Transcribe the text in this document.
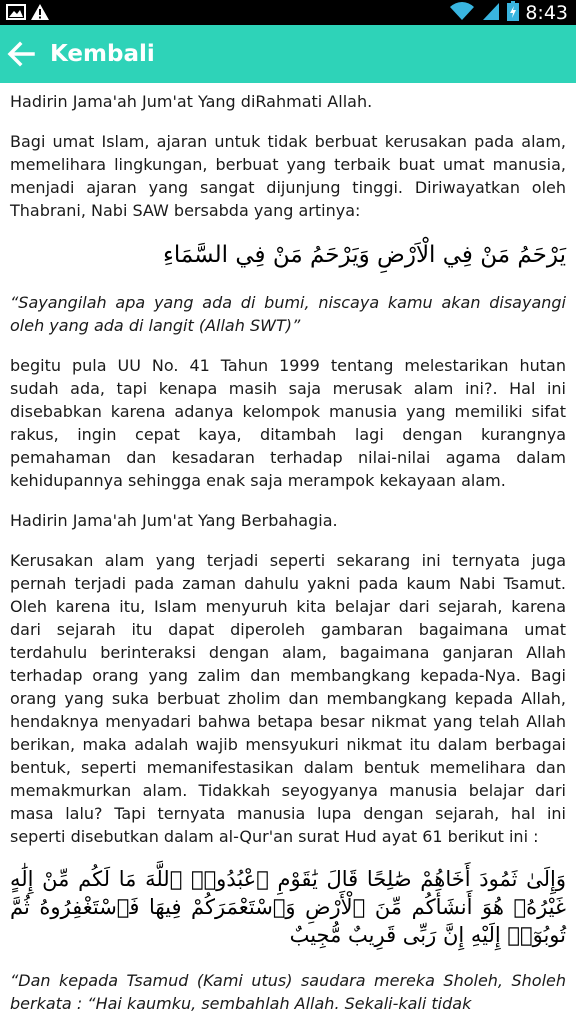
8:43
Kembali

Hadirin Jama'ah Jum'at Yang diRahmati Allah.

Bagi umat Islam, ajaran untuk tidak berbuat kerusakan pada alam, memelihara lingkungan, berbuat yang terbaik buat umat manusia, menjadi ajaran yang sangat dijunjung tinggi. Diriwayatkan oleh Thabrani, Nabi SAW bersabda yang artinya:

يَرْحَمُ مَنْ فِي الْاَرْضِ وَيَرْحَمُ مَنْ فِي السَّمَاءِ

“Sayangilah apa yang ada di bumi, niscaya kamu akan disayangi oleh yang ada di langit (Allah SWT)”

begitu pula UU No. 41 Tahun 1999 tentang melestarikan hutan sudah ada, tapi kenapa masih saja merusak alam ini?. Hal ini disebabkan karena adanya kelompok manusia yang memiliki sifat rakus, ingin cepat kaya, ditambah lagi dengan kurangnya pemahaman dan kesadaran terhadap nilai-nilai agama dalam kehidupannya sehingga enak saja merampok kekayaan alam.

Hadirin Jama'ah Jum'at Yang Berbahagia.

Kerusakan alam yang terjadi seperti sekarang ini ternyata juga pernah terjadi pada zaman dahulu yakni pada kaum Nabi Tsamut. Oleh karena itu, Islam menyuruh kita belajar dari sejarah, karena dari sejarah itu dapat diperoleh gambaran bagaimana umat terdahulu berinteraksi dengan alam, bagaimana ganjaran Allah terhadap orang yang zalim dan membangkang kepada-Nya. Bagi orang yang suka berbuat zholim dan membangkang kepada Allah, hendaknya menyadari bahwa betapa besar nikmat yang telah Allah berikan, maka adalah wajib mensyukuri nikmat itu dalam berbagai bentuk, seperti memanifestasikan dalam bentuk memelihara dan memakmurkan alam. Tidakkah seyogyanya manusia belajar dari masa lalu? Tapi ternyata manusia lupa dengan sejarah, hal ini seperti disebutkan dalam al-Qur'an surat Hud ayat 61 berikut ini :

وَإِلَىٰ ثَمُودَ أَخَاهُمْ صَٰلِحًا قَالَ يَٰقَوْمِ ٱعْبُدُوا۟ ٱللَّهَ مَا لَكُم مِّنْ إِلَٰهٍ غَيْرُهُۥ هُوَ أَنشَأَكُم مِّنَ ٱلْأَرْضِ وَٱسْتَعْمَرَكُمْ فِيهَا فَٱسْتَغْفِرُوهُ ثُمَّ تُوبُوٓا۟ إِلَيْهِ إِنَّ رَبِّى قَرِيبٌ مُّجِيبٌ

“Dan kepada Tsamud (Kami utus) saudara mereka Sholeh, Sholeh berkata : “Hai kaumku, sembahlah Allah. Sekali-kali tidak
